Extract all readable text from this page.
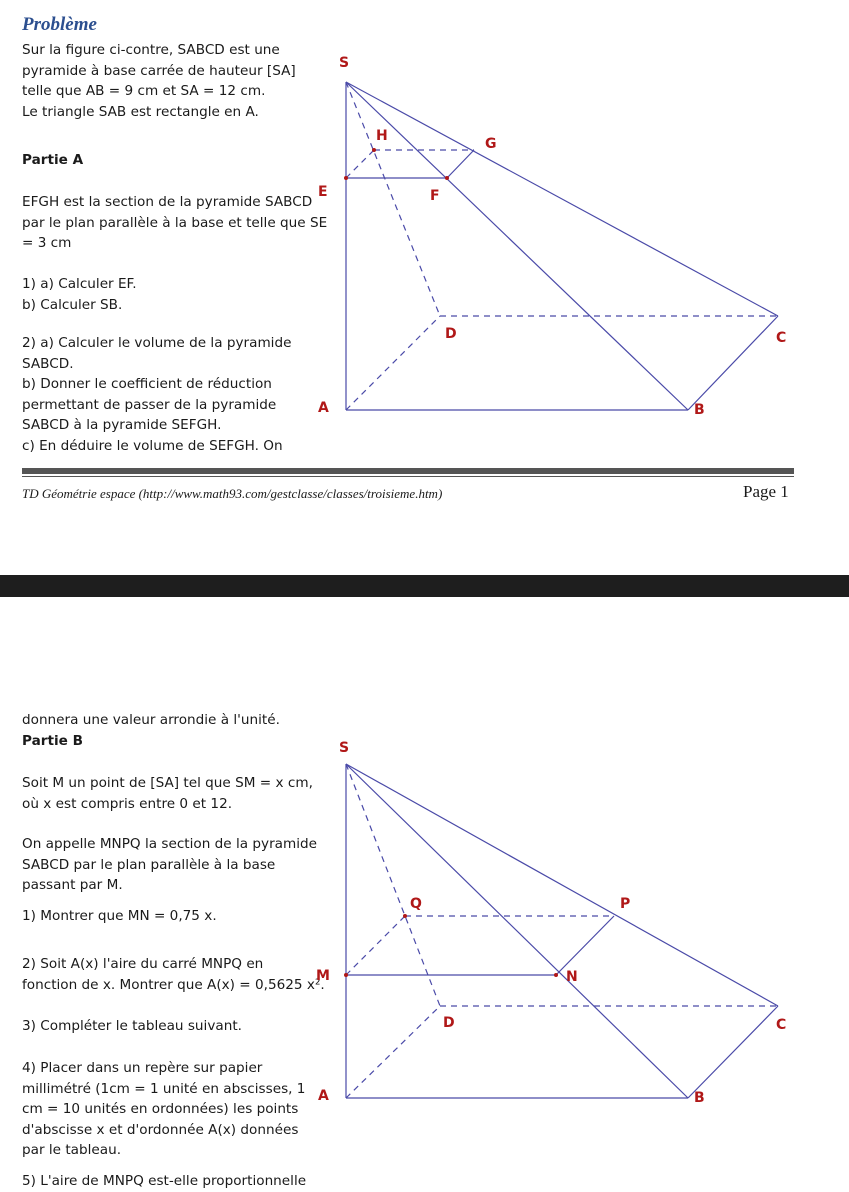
Problème
Sur la figure ci-contre, SABCD est une
pyramide à base carrée de hauteur [SA]
telle que AB = 9 cm et SA = 12 cm.
Le triangle SAB est rectangle en A.
Partie A
EFGH est la section de la pyramide SABCD
par le plan parallèle à la base et telle que SE
= 3 cm
1) a) Calculer EF.
b) Calculer SB.
2) a) Calculer le volume de la pyramide
SABCD.
b) Donner le coefficient de réduction
permettant de passer de la pyramide
SABCD à la pyramide SEFGH.
c) En déduire le volume de SEFGH. On
TD Géométrie espace (http://www.math93.com/gestclasse/classes/troisieme.htm)	Page 1
donnera une valeur arrondie à l'unité.
Partie B
Soit M un point de [SA] tel que SM = x cm,
où x est compris entre 0 et 12.
On appelle MNPQ la section de la pyramide
SABCD par le plan parallèle à la base
passant par M.
1) Montrer que MN = 0,75 x.
2) Soit A(x) l'aire du carré MNPQ en
fonction de x. Montrer que A(x) = 0,5625 x².
3) Compléter le tableau suivant.
4) Placer dans un repère sur papier
millimétré (1cm = 1 unité en abscisses, 1
cm = 10 unités en ordonnées) les points
d'abscisse x et d'ordonnée A(x) données
par le tableau.
5) L'aire de MNPQ est-elle proportionnelle
S
H	G
E	F
D	C
A	B
S
Q	P
M	N
D	C
A	B
